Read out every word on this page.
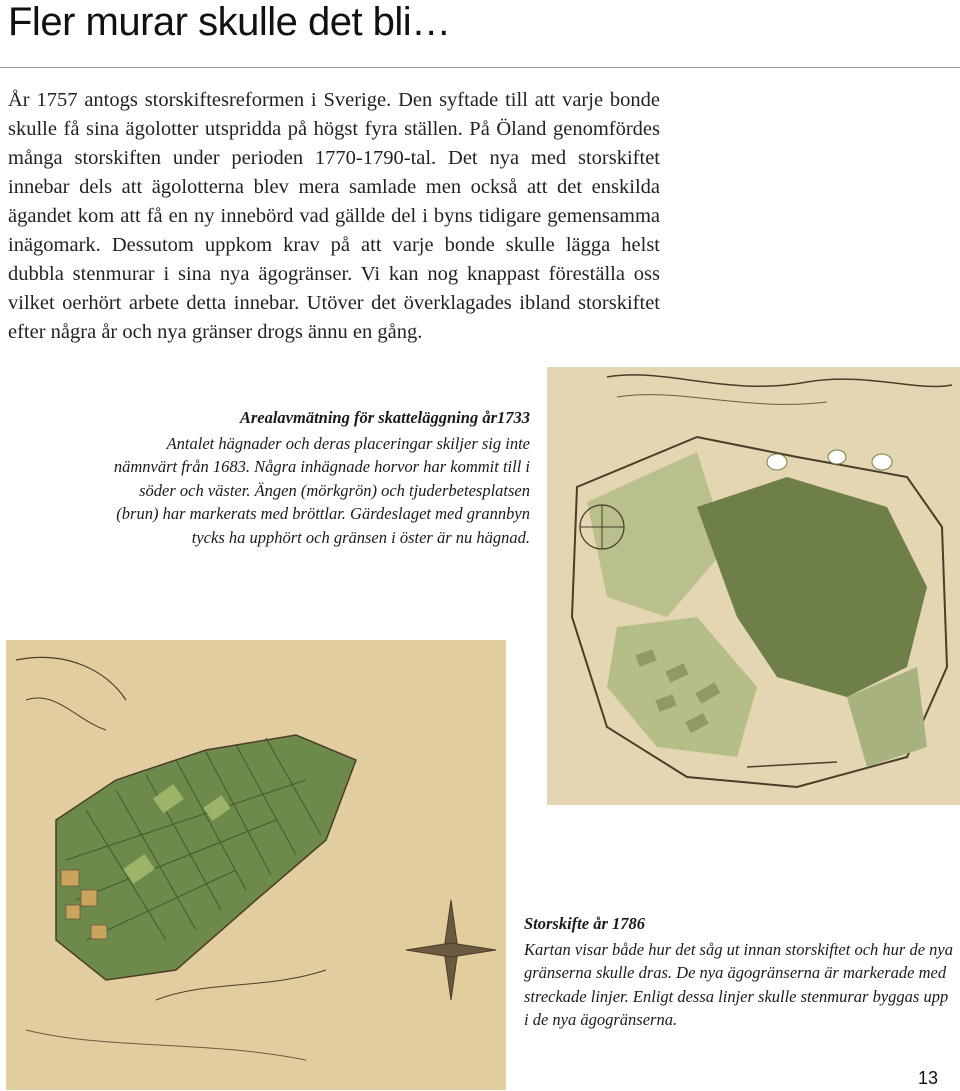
Fler murar skulle det bli…

År 1757 antogs storskiftesreformen i Sverige. Den syftade till att varje bonde skulle få sina ägolotter utspridda på högst fyra ställen. På Öland genomfördes många storskiften under perioden 1770-1790-tal. Det nya med storskiftet innebar dels att ägolotterna blev mera samlade men också att det enskilda ägandet kom att få en ny innebörd vad gällde del i byns tidigare gemensamma inägomark. Dessutom uppkom krav på att varje bonde skulle lägga helst dubbla stenmurar i sina nya ägogränser. Vi kan nog knappast föreställa oss vilket oerhört arbete detta innebar. Utöver det överklagades ibland storskiftet efter några år och nya gränser drogs ännu en gång.

Arealavmätning för skatteläggning år1733
Antalet hägnader och deras placeringar skiljer sig inte nämnvärt från 1683. Några inhägnade horvor har kommit till i söder och väster. Ängen (mörkgrön) och tjuderbetesplatsen (brun) har markerats med bröttlar. Gärdeslaget med grannbyn tycks ha upphört och gränsen i öster är nu hägnad.

Storskifte år 1786
Kartan visar både hur det såg ut innan storskiftet och hur de nya gränserna skulle dras. De nya ägogränserna är markerade med streckade linjer. Enligt dessa linjer skulle stenmurar byggas upp i de nya ägogränserna.

13
